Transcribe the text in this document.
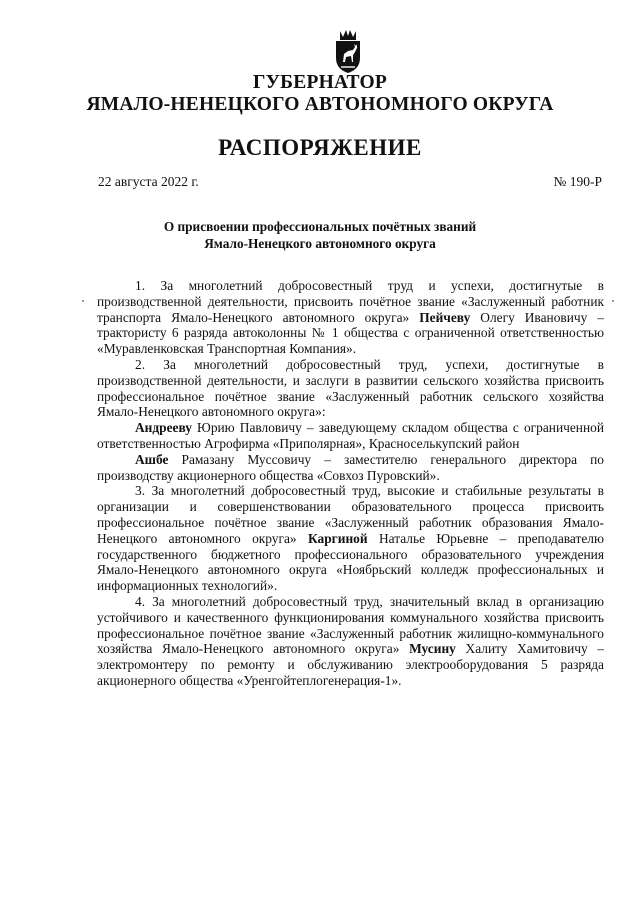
ГУБЕРНАТОР
ЯМАЛО-НЕНЕЦКОГО АВТОНОМНОГО ОКРУГА
РАСПОРЯЖЕНИЕ
22 августа 2022 г.	№ 190-Р
О присвоении профессиональных почётных званий
Ямало-Ненецкого автономного округа

1. За многолетний добросовестный труд и успехи, достигнутые в производственной деятельности, присвоить почётное звание «Заслуженный работник транспорта Ямало-Ненецкого автономного округа» Пейчеву Олегу Ивановичу – трактористу 6 разряда автоколонны № 1 общества с ограниченной ответственностью «Муравленковская Транспортная Компания».

2. За многолетний добросовестный труд, успехи, достигнутые в производственной деятельности, и заслуги в развитии сельского хозяйства присвоить профессиональное почётное звание «Заслуженный работник сельского хозяйства Ямало-Ненецкого автономного округа»:

Андрееву Юрию Павловичу – заведующему складом общества с ограниченной ответственностью Агрофирма «Приполярная», Красноселькупский район

Ашбе Рамазану Муссовичу – заместителю генерального директора по производству акционерного общества «Совхоз Пуровский».

3. За многолетний добросовестный труд, высокие и стабильные результаты в организации и совершенствовании образовательного процесса присвоить профессиональное почётное звание «Заслуженный работник образования Ямало-Ненецкого автономного округа» Каргиной Наталье Юрьевне – преподавателю государственного бюджетного профессионального образовательного учреждения Ямало-Ненецкого автономного округа «Ноябрьский колледж профессиональных и информационных технологий».

4. За многолетний добросовестный труд, значительный вклад в организацию устойчивого и качественного функционирования коммунального хозяйства присвоить профессиональное почётное звание «Заслуженный работник жилищно-коммунального хозяйства Ямало-Ненецкого автономного округа» Мусину Халиту Хамитовичу – электромонтеру по ремонту и обслуживанию электрооборудования 5 разряда акционерного общества «Уренгойтеплогенерация-1».
